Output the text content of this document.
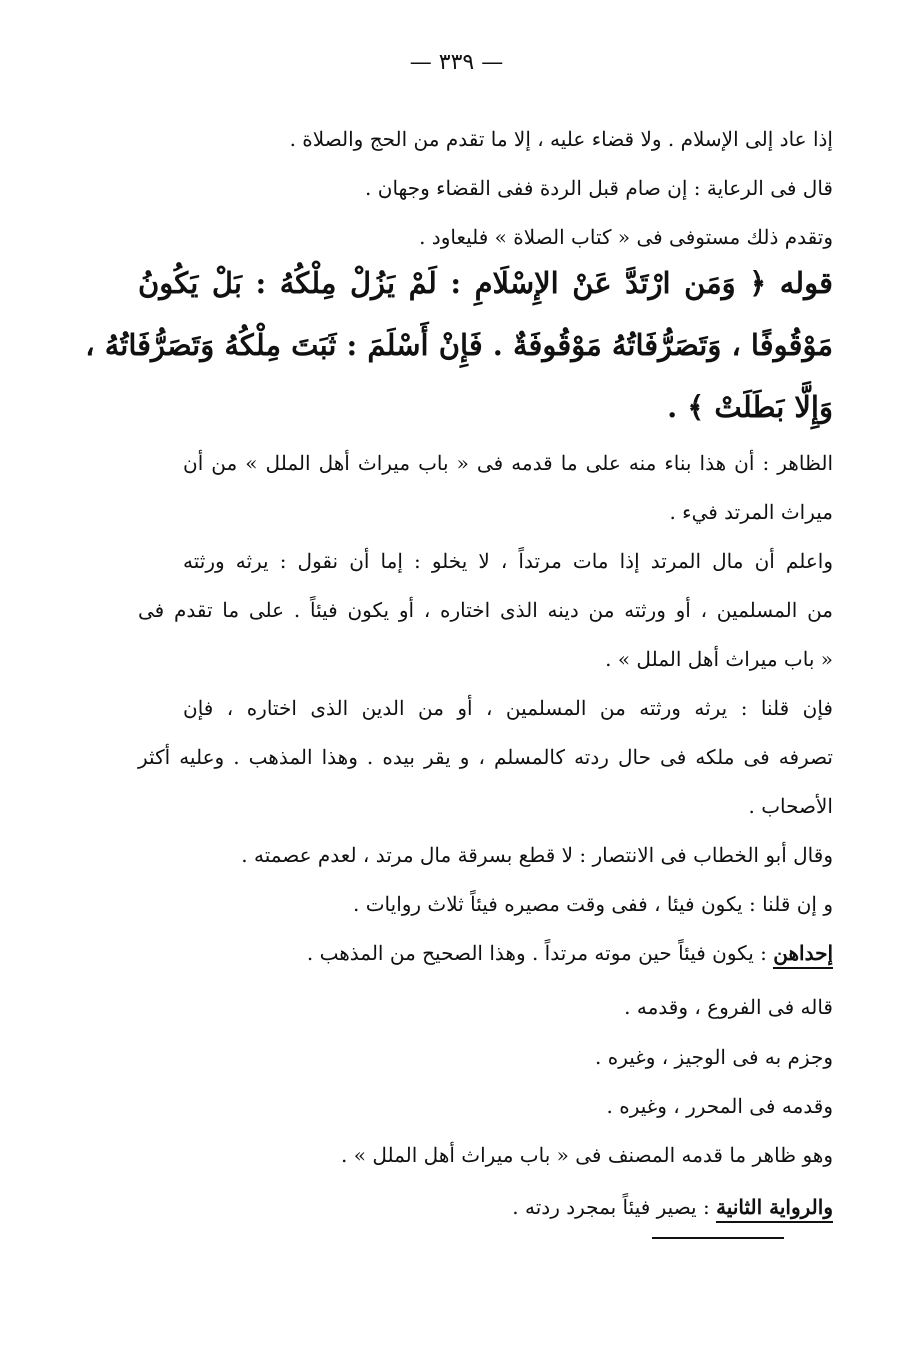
— ٣٣٩ —
إذا عاد إلى الإسلام . ولا قضاء عليه ، إلا ما تقدم من الحج والصلاة .
قال فى الرعاية : إن صام قبل الردة ففى القضاء وجهان .
وتقدم ذلك مستوفى فى « كتاب الصلاة » فليعاود .
قوله ﴿ وَمَن ارْتَدَّ عَنْ الإِسْلَامِ : لَمْ يَزُلْ مِلْكُهُ : بَلْ يَكُونُ
مَوْقُوفًا ، وَتَصَرُّفَاتُهُ مَوْقُوفَةٌ . فَإِنْ أَسْلَمَ : ثَبَتَ مِلْكُهُ وَتَصَرُّفَاتُهُ ،
وَإِلَّا بَطَلَتْ ﴾ .
الظاهر : أن هذا بناء منه على ما قدمه فى « باب ميراث أهل الملل » من أن
ميراث المرتد فيء .
واعلم أن مال المرتد إذا مات مرتداً ، لا يخلو : إما أن نقول : يرثه ورثته
من المسلمين ، أو ورثته من دينه الذى اختاره ، أو يكون فيئاً . على ما تقدم فى
« باب ميراث أهل الملل » .
فإن قلنا : يرثه ورثته من المسلمين ، أو من الدين الذى اختاره ، فإن
تصرفه فى ملكه فى حال ردته كالمسلم ، و يقر بيده . وهذا المذهب . وعليه أكثر
الأصحاب .
وقال أبو الخطاب فى الانتصار : لا قطع بسرقة مال مرتد ، لعدم عصمته .
و إن قلنا : يكون فيئا ، ففى وقت مصيره فيئاً ثلاث روايات .
إحداهن : يكون فيئاً حين موته مرتداً . وهذا الصحيح من المذهب .
قاله فى الفروع ، وقدمه .
وجزم به فى الوجيز ، وغيره .
وقدمه فى المحرر ، وغيره .
وهو ظاهر ما قدمه المصنف فى « باب ميراث أهل الملل » .
والرواية الثانية : يصير فيئاً بمجرد ردته .
